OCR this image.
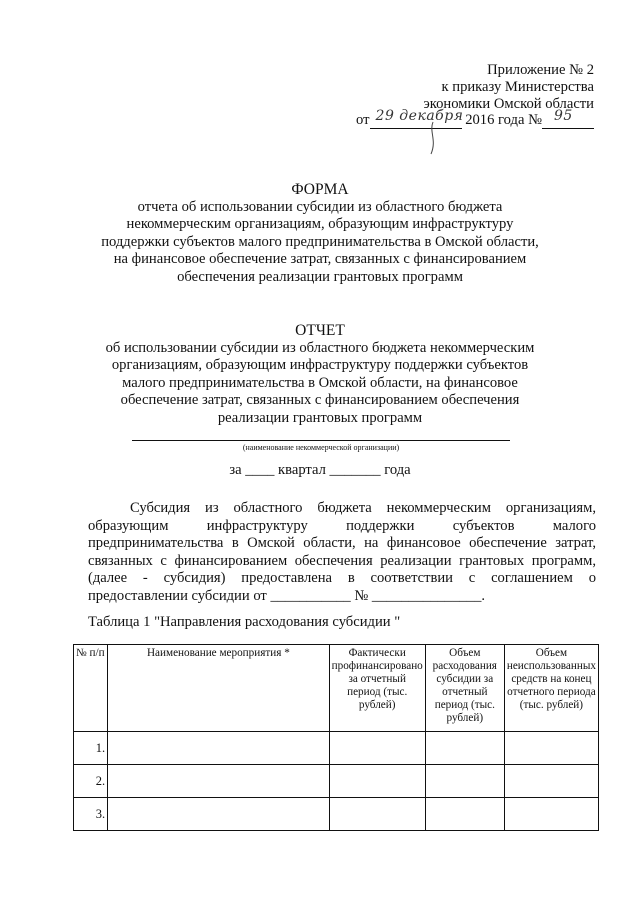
Приложение № 2
к приказу Министерства
экономики Омской области
от 29 декабря 2016 года № 95
ФОРМА
отчета об использовании субсидии из областного бюджета
некоммерческим организациям, образующим инфраструктуру
поддержки субъектов малого предпринимательства в Омской области,
на финансовое обеспечение затрат, связанных с финансированием
обеспечения реализации грантовых программ
ОТЧЕТ
об использовании субсидии из областного бюджета некоммерческим
организациям, образующим инфраструктуру поддержки субъектов
малого предпринимательства в Омской области, на финансовое
обеспечение затрат, связанных с финансированием обеспечения
реализации грантовых программ
(наименование некоммерческой организации)
за ____ квартал _______ года
Субсидия из областного бюджета некоммерческим организациям, образующим инфраструктуру поддержки субъектов малого предпринимательства в Омской области, на финансовое обеспечение затрат, связанных с финансированием обеспечения реализации грантовых программ, (далее - субсидия) предоставлена в соответствии с соглашением о предоставлении субсидии от ___________ № _______________.
Таблица 1 "Направления расходования субсидии "
№ п/п	Наименование мероприятия *	Фактически профинансировано за отчетный период (тыс. рублей)	Объем расходования субсидии за отчетный период (тыс. рублей)	Объем неиспользованных средств на конец отчетного периода (тыс. рублей)
1.				
2.				
3.				
